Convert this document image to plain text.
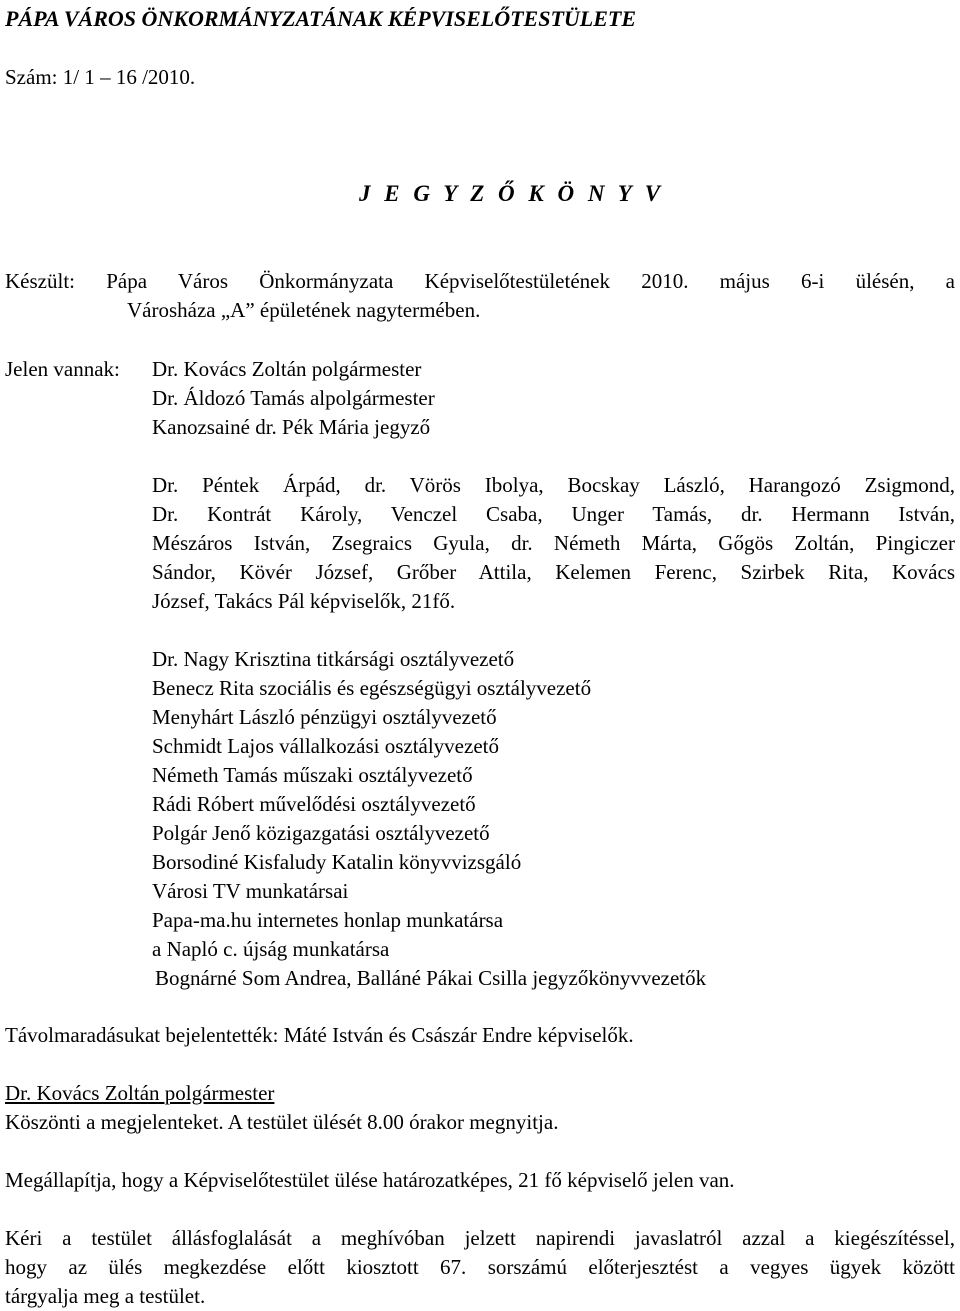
PÁPA VÁROS ÖNKORMÁNYZATÁNAK KÉPVISELŐTESTÜLETE
Szám: 1/ 1 – 16 /2010.
J E G Y Z Ő K Ö N Y V
Készült: Pápa Város Önkormányzata Képviselőtestületének 2010. május 6-i ülésén, a
Városháza „A” épületének nagytermében.
Jelen vannak: Dr. Kovács Zoltán polgármester
Dr. Áldozó Tamás alpolgármester
Kanozsainé dr. Pék Mária jegyző
Dr. Péntek Árpád, dr. Vörös Ibolya, Bocskay László, Harangozó Zsigmond,
Dr. Kontrát Károly, Venczel Csaba, Unger Tamás, dr. Hermann István,
Mészáros István, Zsegraics Gyula, dr. Németh Márta, Gőgös Zoltán, Pingiczer
Sándor, Kövér József, Grőber Attila, Kelemen Ferenc, Szirbek Rita, Kovács
József, Takács Pál képviselők, 21fő.
Dr. Nagy Krisztina titkársági osztályvezető
Benecz Rita szociális és egészségügyi osztályvezető
Menyhárt László pénzügyi osztályvezető
Schmidt Lajos vállalkozási osztályvezető
Németh Tamás műszaki osztályvezető
Rádi Róbert művelődési osztályvezető
Polgár Jenő közigazgatási osztályvezető
Borsodiné Kisfaludy Katalin könyvvizsgáló
Városi TV munkatársai
Papa-ma.hu internetes honlap munkatársa
a Napló c. újság munkatársa
Bognárné Som Andrea, Balláné Pákai Csilla jegyzőkönyvvezetők
Távolmaradásukat bejelentették: Máté István és Császár Endre képviselők.
Dr. Kovács Zoltán polgármester
Köszönti a megjelenteket. A testület ülését 8.00 órakor megnyitja.
Megállapítja, hogy a Képviselőtestület ülése határozatképes, 21 fő képviselő jelen van.
Kéri a testület állásfoglalását a meghívóban jelzett napirendi javaslatról azzal a kiegészítéssel,
hogy az ülés megkezdése előtt kiosztott 67. sorszámú előterjesztést a vegyes ügyek között
tárgyalja meg a testület.
